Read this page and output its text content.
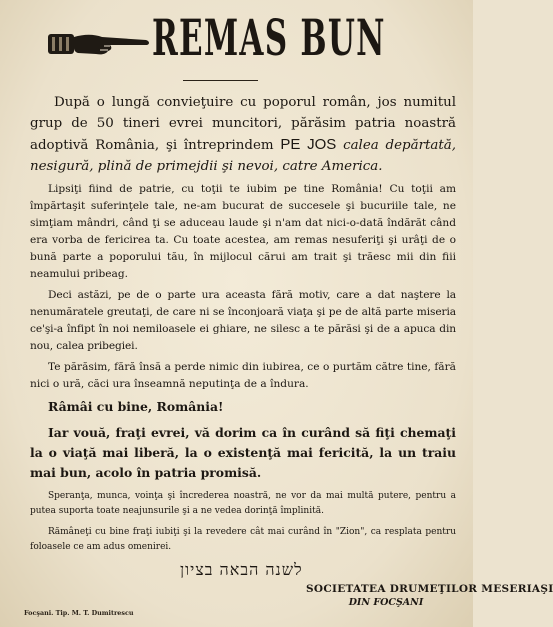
REMAS BUN

După o lungă convieţuire cu poporul român, jos numitul grup de 50 tineri evrei muncitori, părăsim patria noastră adoptivă România, şi întreprindem PE JOS calea depărtată, nesigură, plină de primejdii şi nevoi, catre America.

Lipsiţi fiind de patrie, cu toţii te iubim pe tine România! Cu toţii am împărtaşit suferinţele tale, ne-am bucurat de succesele şi bucuriile tale, ne simţiam mândri, când ţi se aduceau laude şi n'am dat nici-o-dată îndărăt când era vorba de fericirea ta. Cu toate acestea, am remas nesuferiţi şi urâţi de o bună parte a poporului tău, în mijlocul cărui am trait şi trăesc mii din fiii neamului pribeag.

Deci astăzi, pe de o parte ura aceasta fără motiv, care a dat naştere la nenumăratele greutaţi, de care ni se înconjoară viaţa şi pe de altă parte miseria ce'şi-a înfipt în noi nemiloasele ei ghiare, ne silesc a te părăsi şi de a apuca din nou, calea pribegiei.

Te părăsim, fără însă a perde nimic din iubirea, ce o purtăm către tine, fără nici o ură, căci ura înseamnă neputinţa de a îndura.

Râmâi cu bine, România!

Iar vouă, fraţi evrei, vă dorim ca în curând să fiţi chemaţi la o viaţă mai liberă, la o existenţă mai fericită, la un traiu mai bun, acolo în patria promisă.

Speranţa, munca, voinţa şi încrederea noastră, ne vor da mai multă putere, pentru a putea suporta toate neajunsurile şi a ne vedea dorinţă împlinită.

Rămâneţi cu bine fraţi iubiţi şi la revedere cât mai curând în "Zion", ca resplata pentru foloasele ce am adus omenirei.

לשנה הבאה בציון
SOCIETATEA DRUMEŢILOR MESERIAŞI
DIN FOCŞANI
Focşani. Tip. M. T. Dumitrescu
